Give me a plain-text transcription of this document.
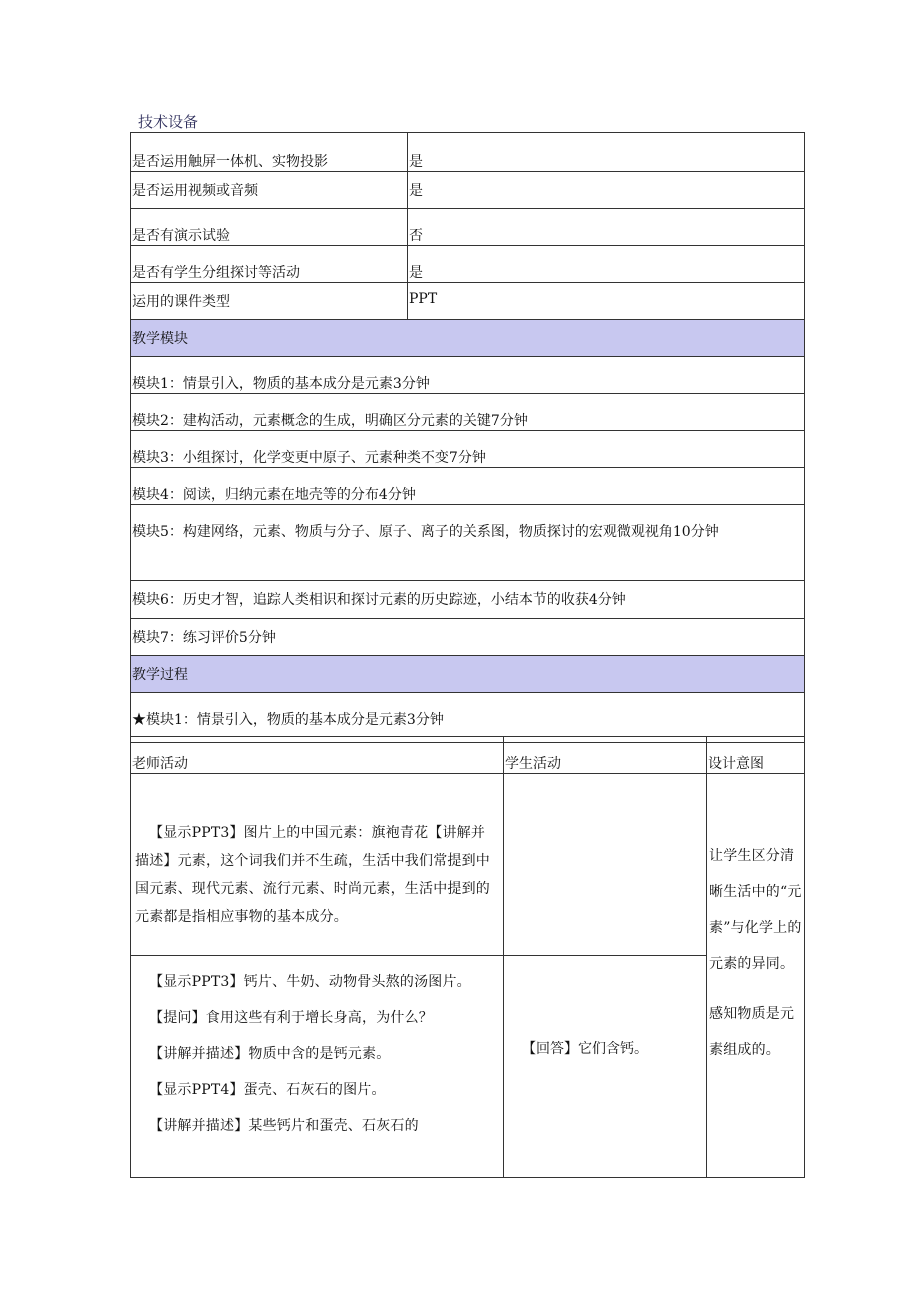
技术设备
是否运用触屏一体机、实物投影	是
是否运用视频或音频	是
是否有演示试验	否
是否有学生分组探讨等活动	是
运用的课件类型	PPT
教学模块	
模块1：情景引入，物质的基本成分是元素3分钟	
模块2：建构活动，元素概念的生成，明确区分元素的关键7分钟	
模块3：小组探讨，化学变更中原子、元素种类不变7分钟	
模块4：阅读，归纳元素在地壳等的分布4分钟	
模块5：构建网络，元素、物质与分子、原子、离子的关系图，物质探讨的宏观微观视角10分钟	
模块6：历史才智，追踪人类相识和探讨元素的历史踪迹，小结本节的收获4分钟	
模块7：练习评价5分钟	
教学过程	
★模块1：情景引入，物质的基本成分是元素3分钟	
老师活动	学生活动	设计意图

【显示PPT3】图片上的中国元素：旗袍青花【讲解并描述】元素，这个词我们并不生疏，生活中我们常提到中国元素、现代元素、流行元素、时尚元素，生活中提到的元素都是指相应事物的基本成分。		让学生区分清晰生活中的“元素”与化学上的元素的异同。
感知物质是元素组成的。

【显示PPT3】钙片、牛奶、动物骨头熬的汤图片。
【提问】食用这些有利于增长身高，为什么？
【讲解并描述】物质中含的是钙元素。
【显示PPT4】蛋壳、石灰石的图片。
【讲解并描述】某些钙片和蛋壳、石灰石的	【回答】它们含钙。	
